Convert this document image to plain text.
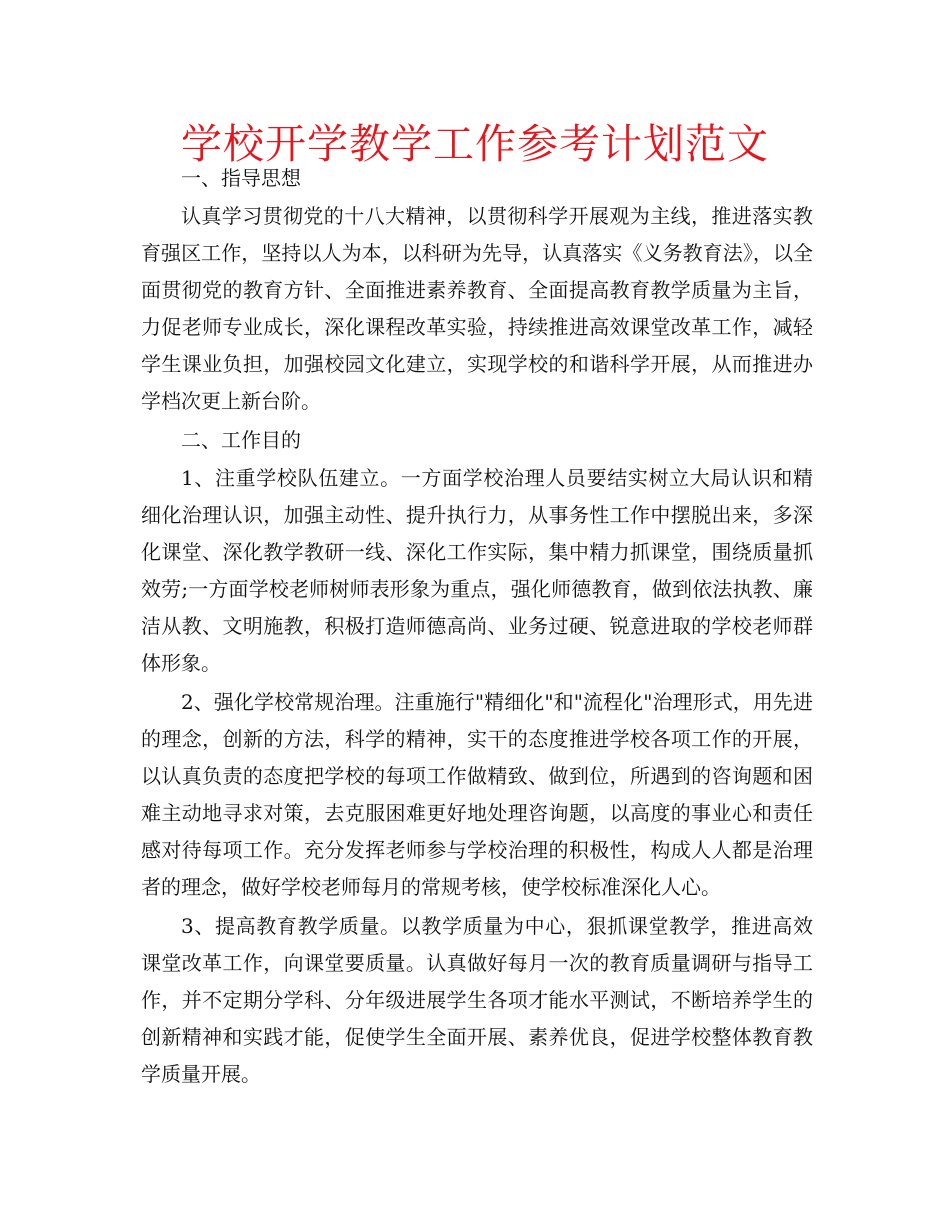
学校开学教学工作参考计划范文

一、指导思想

认真学习贯彻党的十八大精神，以贯彻科学开展观为主线，推进落实教育强区工作，坚持以人为本，以科研为先导，认真落实《义务教育法》，以全面贯彻党的教育方针、全面推进素养教育、全面提高教育教学质量为主旨，力促老师专业成长，深化课程改革实验，持续推进高效课堂改革工作，减轻学生课业负担，加强校园文化建立，实现学校的和谐科学开展，从而推进办学档次更上新台阶。

二、工作目的

1、注重学校队伍建立。一方面学校治理人员要结实树立大局认识和精细化治理认识，加强主动性、提升执行力，从事务性工作中摆脱出来，多深化课堂、深化教学教研一线、深化工作实际，集中精力抓课堂，围绕质量抓效劳;一方面学校老师树师表形象为重点，强化师德教育，做到依法执教、廉洁从教、文明施教，积极打造师德高尚、业务过硬、锐意进取的学校老师群体形象。

2、强化学校常规治理。注重施行"精细化"和"流程化"治理形式，用先进的理念，创新的方法，科学的精神，实干的态度推进学校各项工作的开展，以认真负责的态度把学校的每项工作做精致、做到位，所遇到的咨询题和困难主动地寻求对策，去克服困难更好地处理咨询题，以高度的事业心和责任感对待每项工作。充分发挥老师参与学校治理的积极性，构成人人都是治理者的理念，做好学校老师每月的常规考核，使学校标准深化人心。

3、提高教育教学质量。以教学质量为中心，狠抓课堂教学，推进高效课堂改革工作，向课堂要质量。认真做好每月一次的教育质量调研与指导工作，并不定期分学科、分年级进展学生各项才能水平测试，不断培养学生的创新精神和实践才能，促使学生全面开展、素养优良，促进学校整体教育教学质量开展。
